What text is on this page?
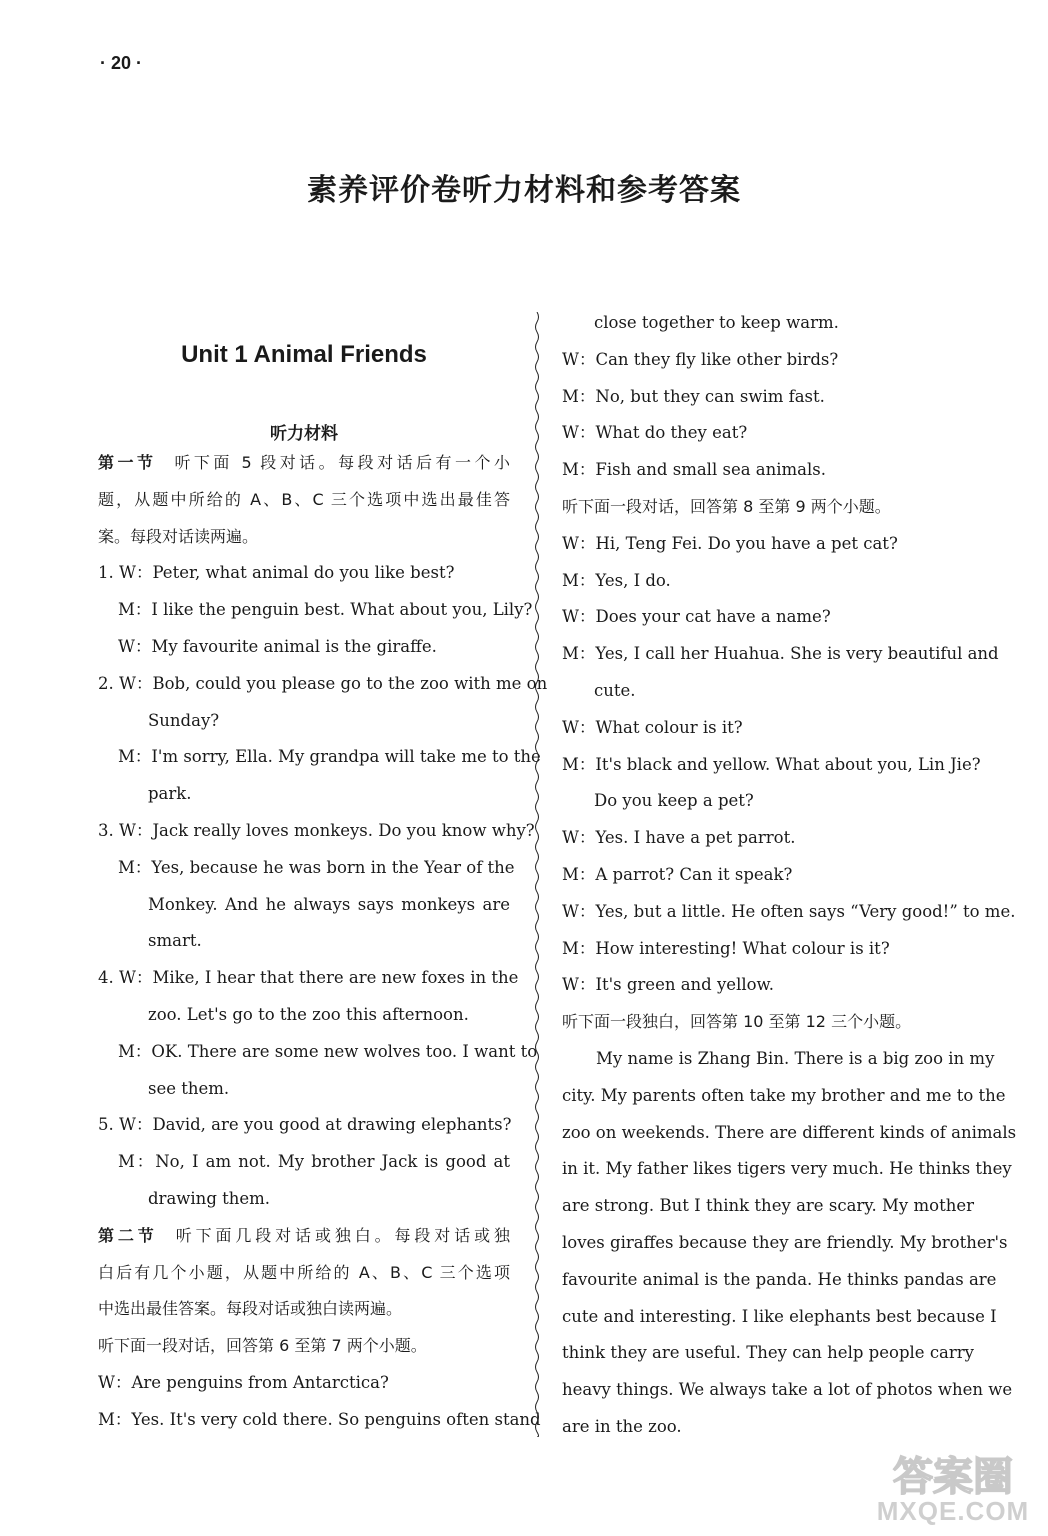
· 20 ·
素养评价卷听力材料和参考答案
Unit 1 Animal Friends
听力材料
第一节 听下面 5 段对话。每段对话后有一个小
题，从题中所给的 A、B、C 三个选项中选出最佳答
案。每段对话读两遍。
1. W：Peter, what animal do you like best?
M：I like the penguin best. What about you, Lily?
W：My favourite animal is the giraffe.
2. W：Bob, could you please go to the zoo with me on
Sunday?
M：I'm sorry, Ella. My grandpa will take me to the
park.
3. W：Jack really loves monkeys. Do you know why?
M：Yes, because he was born in the Year of the
Monkey. And he always says monkeys are
smart.
4. W：Mike, I hear that there are new foxes in the
zoo. Let's go to the zoo this afternoon.
M：OK. There are some new wolves too. I want to
see them.
5. W：David, are you good at drawing elephants?
M：No, I am not. My brother Jack is good at
drawing them.
第二节 听下面几段对话或独白。每段对话或独
白后有几个小题，从题中所给的 A、B、C 三个选项
中选出最佳答案。每段对话或独白读两遍。
听下面一段对话，回答第 6 至第 7 两个小题。
W：Are penguins from Antarctica?
M：Yes. It's very cold there. So penguins often stand
close together to keep warm.
W：Can they fly like other birds?
M：No, but they can swim fast.
W：What do they eat?
M：Fish and small sea animals.
听下面一段对话，回答第 8 至第 9 两个小题。
W：Hi, Teng Fei. Do you have a pet cat?
M：Yes, I do.
W：Does your cat have a name?
M：Yes, I call her Huahua. She is very beautiful and
cute.
W：What colour is it?
M：It's black and yellow. What about you, Lin Jie?
Do you keep a pet?
W：Yes. I have a pet parrot.
M：A parrot? Can it speak?
W：Yes, but a little. He often says “Very good!” to me.
M：How interesting! What colour is it?
W：It's green and yellow.
听下面一段独白，回答第 10 至第 12 三个小题。
My name is Zhang Bin. There is a big zoo in my
city. My parents often take my brother and me to the
zoo on weekends. There are different kinds of animals
in it. My father likes tigers very much. He thinks they
are strong. But I think they are scary. My mother
loves giraffes because they are friendly. My brother's
favourite animal is the panda. He thinks pandas are
cute and interesting. I like elephants best because I
think they are useful. They can help people carry
heavy things. We always take a lot of photos when we
are in the zoo.
答案圈
MXQE.COM
